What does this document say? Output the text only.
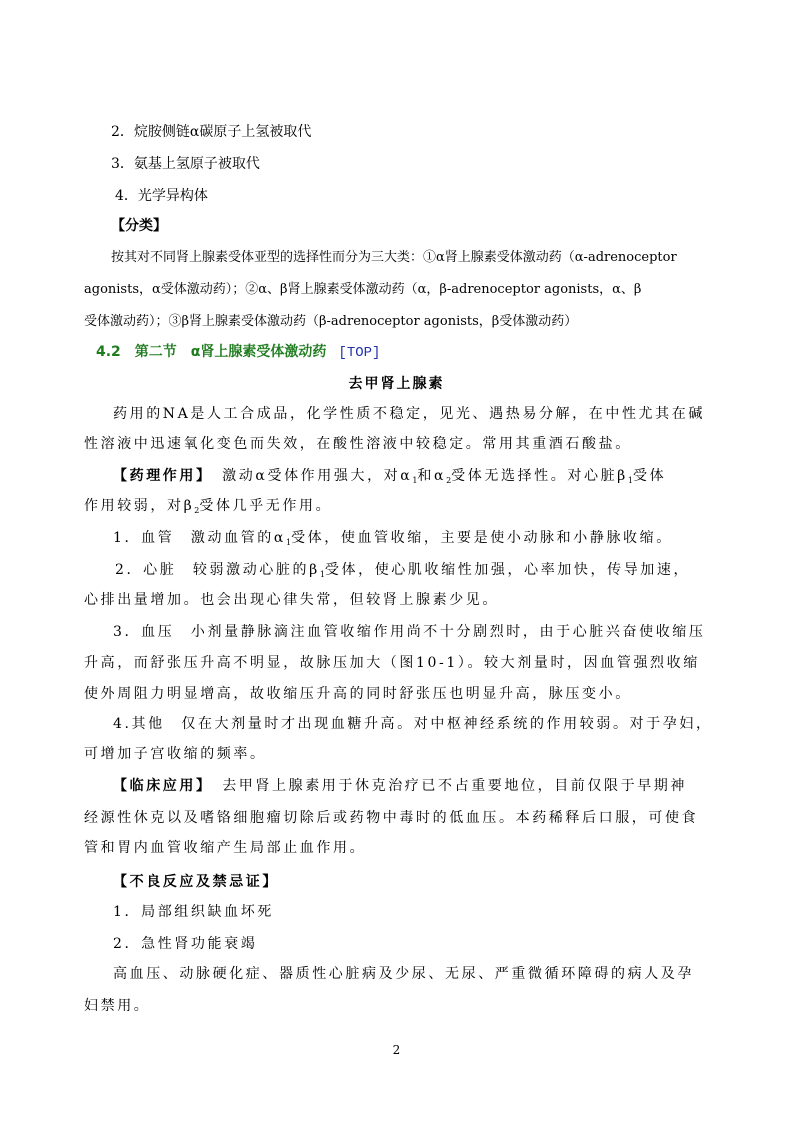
2．烷胺侧链α碳原子上氢被取代
3．氨基上氢原子被取代
4．光学异构体
【分类】
按其对不同肾上腺素受体亚型的选择性而分为三大类：①α肾上腺素受体激动药（α-adrenoceptor
agonists，α受体激动药）；②α、β肾上腺素受体激动药（α，β-adrenoceptor agonists，α、β
受体激动药）；③β肾上腺素受体激动药（β-adrenoceptor agonists，β受体激动药）
4.2　第二节　α肾上腺素受体激动药 [TOP]
去甲肾上腺素
药用的NA是人工合成品，化学性质不稳定，见光、遇热易分解，在中性尤其在碱
性溶液中迅速氧化变色而失效，在酸性溶液中较稳定。常用其重酒石酸盐。
【药理作用】　激动α受体作用强大，对$\alpha_1$和$\alpha_2$受体无选择性。对心脏$\beta_1$受体
作用较弱，对$\beta_2$受体几乎无作用。
1．血管　激动血管的$\alpha_1$受体，使血管收缩，主要是使小动脉和小静脉收缩。
2．心脏　较弱激动心脏的$\beta_1$受体，使心肌收缩性加强，心率加快，传导加速，
心排出量增加。也会出现心律失常，但较肾上腺素少见。
3．血压　小剂量静脉滴注血管收缩作用尚不十分剧烈时，由于心脏兴奋使收缩压
升高，而舒张压升高不明显，故脉压加大（图10-1）。较大剂量时，因血管强烈收缩
使外周阻力明显增高，故收缩压升高的同时舒张压也明显升高，脉压变小。
4.其他　仅在大剂量时才出现血糖升高。对中枢神经系统的作用较弱。对于孕妇，
可增加子宫收缩的频率。
【临床应用】　去甲肾上腺素用于休克治疗已不占重要地位，目前仅限于早期神
经源性休克以及嗜铬细胞瘤切除后或药物中毒时的低血压。本药稀释后口服，可使食
管和胃内血管收缩产生局部止血作用。
【不良反应及禁忌证】
1．局部组织缺血坏死
2．急性肾功能衰竭
高血压、动脉硬化症、器质性心脏病及少尿、无尿、严重微循环障碍的病人及孕
妇禁用。
2
